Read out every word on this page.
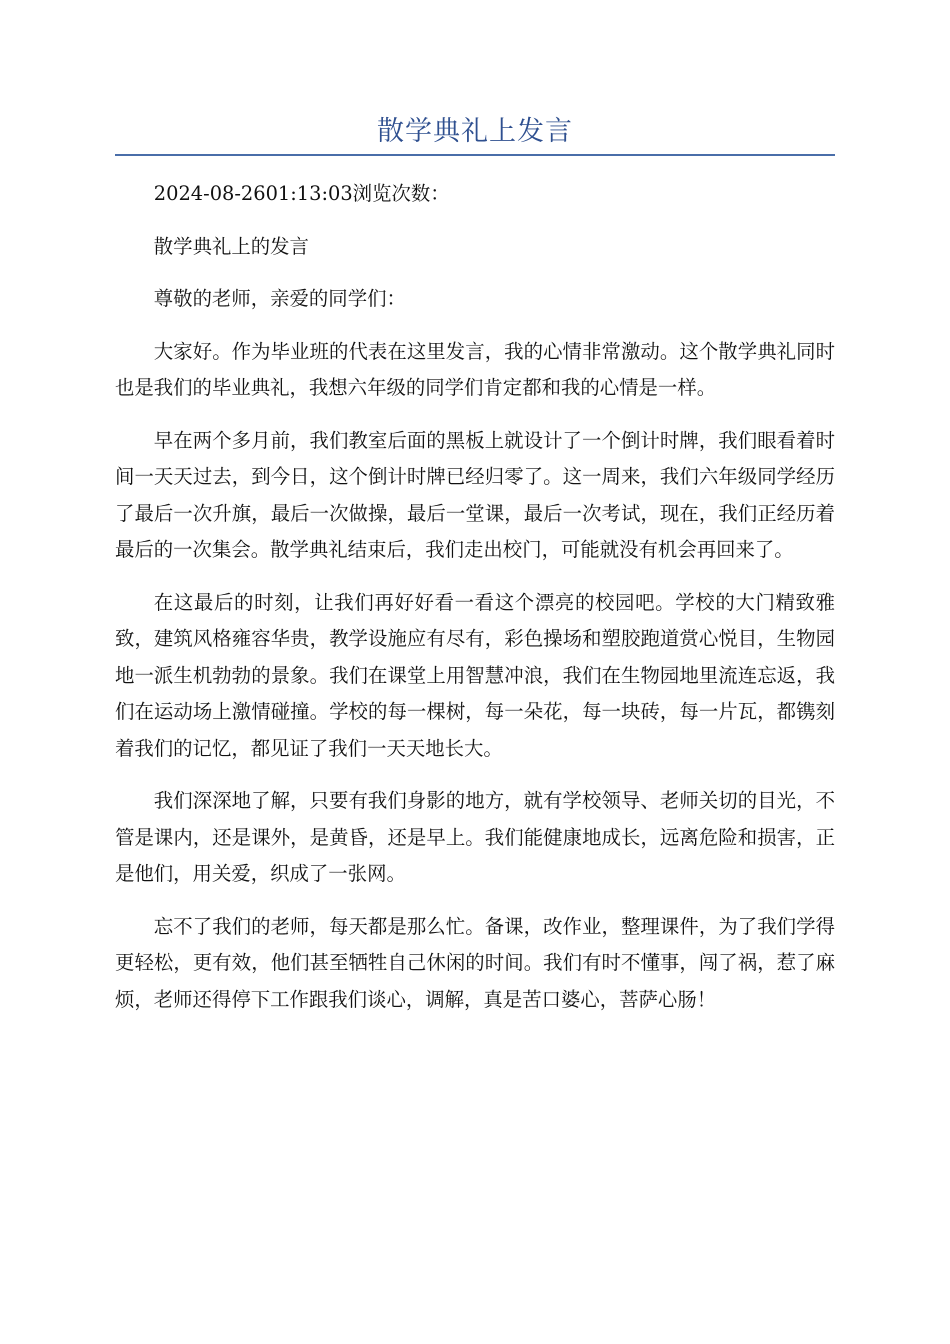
散学典礼上发言

2024-08-2601:13:03浏览次数：

散学典礼上的发言

尊敬的老师，亲爱的同学们：

大家好。作为毕业班的代表在这里发言，我的心情非常激动。这个散学典礼同时也是我们的毕业典礼，我想六年级的同学们肯定都和我的心情是一样。

早在两个多月前，我们教室后面的黑板上就设计了一个倒计时牌，我们眼看着时间一天天过去，到今日，这个倒计时牌已经归零了。这一周来，我们六年级同学经历了最后一次升旗，最后一次做操，最后一堂课，最后一次考试，现在，我们正经历着最后的一次集会。散学典礼结束后，我们走出校门，可能就没有机会再回来了。

在这最后的时刻，让我们再好好看一看这个漂亮的校园吧。学校的大门精致雅致，建筑风格雍容华贵，教学设施应有尽有，彩色操场和塑胶跑道赏心悦目，生物园地一派生机勃勃的景象。我们在课堂上用智慧冲浪，我们在生物园地里流连忘返，我们在运动场上激情碰撞。学校的每一棵树，每一朵花，每一块砖，每一片瓦，都镌刻着我们的记忆，都见证了我们一天天地长大。

我们深深地了解，只要有我们身影的地方，就有学校领导、老师关切的目光，不管是课内，还是课外，是黄昏，还是早上。我们能健康地成长，远离危险和损害，正是他们，用关爱，织成了一张网。

忘不了我们的老师，每天都是那么忙。备课，改作业，整理课件，为了我们学得更轻松，更有效，他们甚至牺牲自己休闲的时间。我们有时不懂事，闯了祸，惹了麻烦，老师还得停下工作跟我们谈心，调解，真是苦口婆心，菩萨心肠！
